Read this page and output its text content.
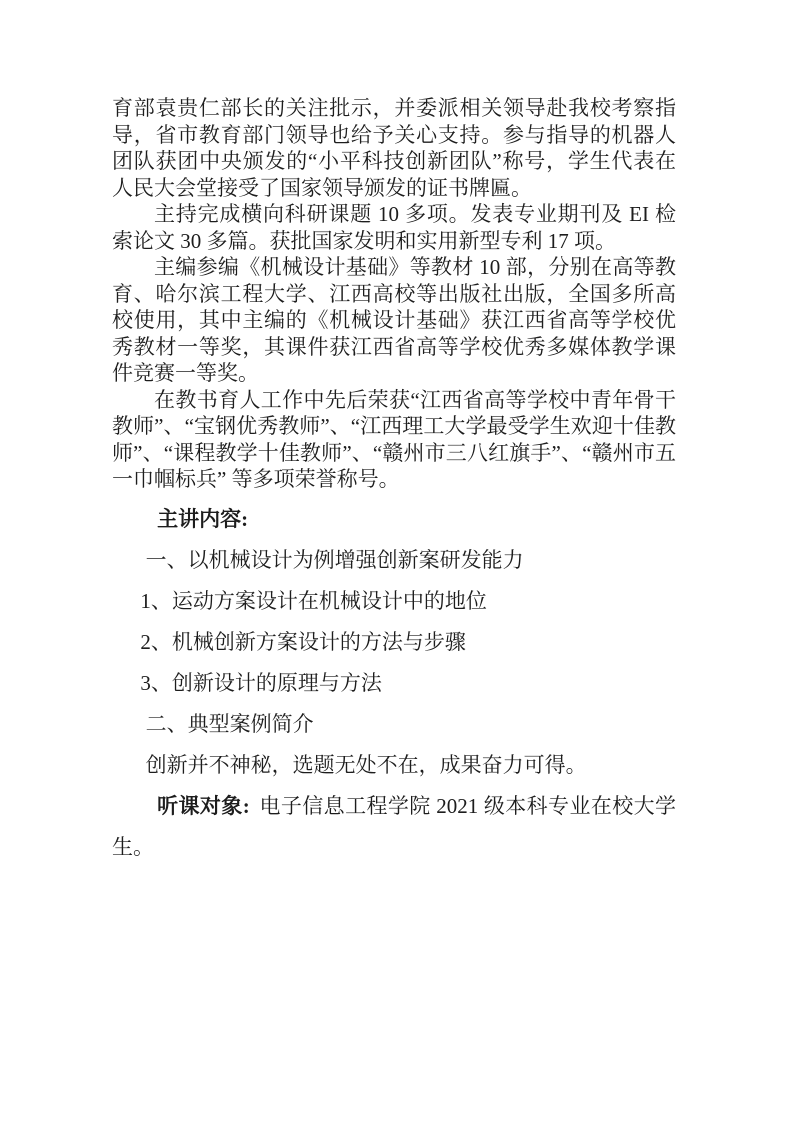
育部袁贵仁部长的关注批示，并委派相关领导赴我校考察指导，省市教育部门领导也给予关心支持。参与指导的机器人团队获团中央颁发的“小平科技创新团队”称号，学生代表在人民大会堂接受了国家领导颁发的证书牌匾。

主持完成横向科研课题 10 多项。发表专业期刊及 EI 检索论文 30 多篇。获批国家发明和实用新型专利 17 项。

主编参编《机械设计基础》等教材 10 部，分别在高等教育、哈尔滨工程大学、江西高校等出版社出版，全国多所高校使用，其中主编的《机械设计基础》获江西省高等学校优秀教材一等奖，其课件获江西省高等学校优秀多媒体教学课件竞赛一等奖。

在教书育人工作中先后荣获“江西省高等学校中青年骨干教师”、“宝钢优秀教师”、“江西理工大学最受学生欢迎十佳教师”、“课程教学十佳教师”、“赣州市三八红旗手”、“赣州市五一巾帼标兵” 等多项荣誉称号。

主讲内容:

一、以机械设计为例增强创新案研发能力

1、运动方案设计在机械设计中的地位

2、机械创新方案设计的方法与步骤

3、创新设计的原理与方法

二、典型案例简介

创新并不神秘，选题无处不在，成果奋力可得。

听课对象: 电子信息工程学院 2021 级本科专业在校大学生。
